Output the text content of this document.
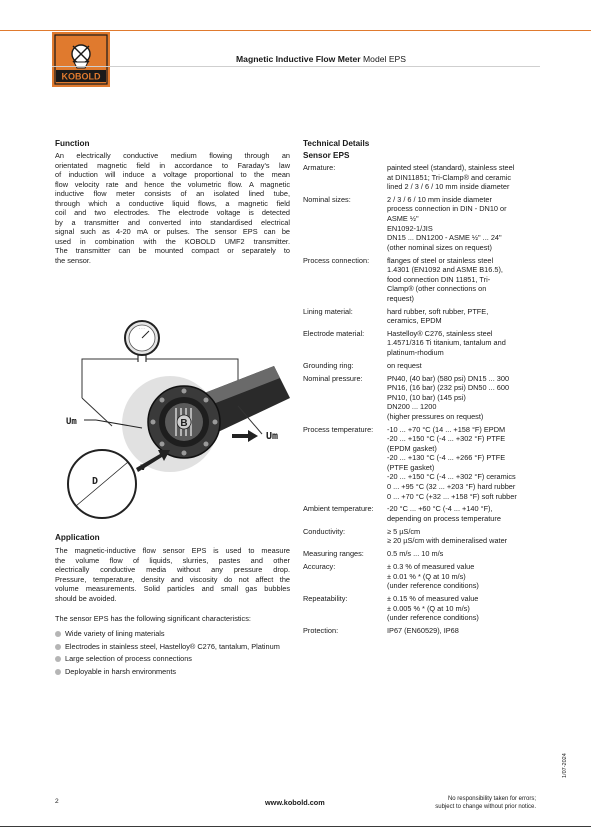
KOBOLD
Magnetic Inductive Flow Meter Model EPS
Function
An electrically conductive medium flowing through an
orientated magnetic field in accordance to Faraday's law
of induction will induce a voltage proportional to the mean
flow velocity rate and hence the volumetric flow. A magnetic
inductive flow meter consists of an isolated lined tube,
through which a conductive liquid flows, a magnetic field
coil and two electrodes. The electrode voltage is detected
by a transmitter and converted into standardised electrical
signal such as 4-20 mA or pulses. The sensor EPS can be
used in combination with the KOBOLD UMF2 transmitter.
The transmitter can be mounted compact or separately to
the sensor.
· · ·
B
Um
Um
v
D
Application
The magnetic-inductive flow sensor EPS is used to measure
the volume flow of liquids, slurries, pastes and other
electrically conductive media without any pressure drop.
Pressure, temperature, density and viscosity do not affect the
volume measurements. Solid particles and small gas bubbles
should be avoided.
The sensor EPS has the following significant characteristics:
Wide variety of lining materials
Electrodes in stainless steel, Hastelloy® C276, tantalum, Platinum
Large selection of process connections
Deployable in harsh environments
Technical Details
Sensor EPS
Armature:	painted steel (standard), stainless steel
at DIN11851; Tri-Clamp® and ceramic
lined 2 / 3 / 6 / 10 mm inside diameter
Nominal sizes:	2 / 3 / 6 / 10 mm inside diameter
process connection in DIN - DN10 or
ASME ½"
EN1092-1/JIS
DN15 ... DN1200 - ASME ½" ... 24"
(other nominal sizes on request)
Process connection:	flanges of steel or stainless steel
1.4301 (EN1092 and ASME B16.5),
food connection DIN 11851, Tri-
Clamp® (other connections on
request)
Lining material:	hard rubber, soft rubber, PTFE,
ceramics, EPDM
Electrode material:	Hastelloy® C276, stainless steel
1.4571/316 Ti titanium, tantalum and
platinum-rhodium
Grounding ring:	on request
Nominal pressure:	PN40, (40 bar) (580 psi) DN15 ... 300
PN16, (16 bar) (232 psi) DN50 ... 600
PN10, (10 bar) (145 psi)
DN200 ... 1200
(higher pressures on request)
Process temperature:	-10 ... +70 °C (14 ... +158 °F) EPDM
-20 ... +150 °C (-4 ... +302 °F) PTFE
(EPDM gasket)
-20 ... +130 °C (-4 ... +266 °F) PTFE
(PTFE gasket)
-20 ... +150 °C (-4 ... +302 °F) ceramics
0 ... +95 °C (32 ... +203 °F) hard rubber
0 ... +70 °C (+32 ... +158 °F) soft rubber
Ambient temperature:	-20 °C ... +60 °C (-4 ... +140 °F),
depending on process temperature
Conductivity:	≥ 5 µS/cm
≥ 20 µS/cm with demineralised water
Measuring ranges:	0.5 m/s ... 10 m/s
Accuracy:	± 0.3 % of measured value
± 0.01 % * (Q at 10 m/s)
(under reference conditions)
Repeatability:	± 0.15 % of measured value
± 0.005 % * (Q at 10 m/s)
(under reference conditions)
Protection:	IP67 (EN60529), IP68
2	www.kobold.com	No responsibility taken for errors;
subject to change without prior notice.
1/07-2024
